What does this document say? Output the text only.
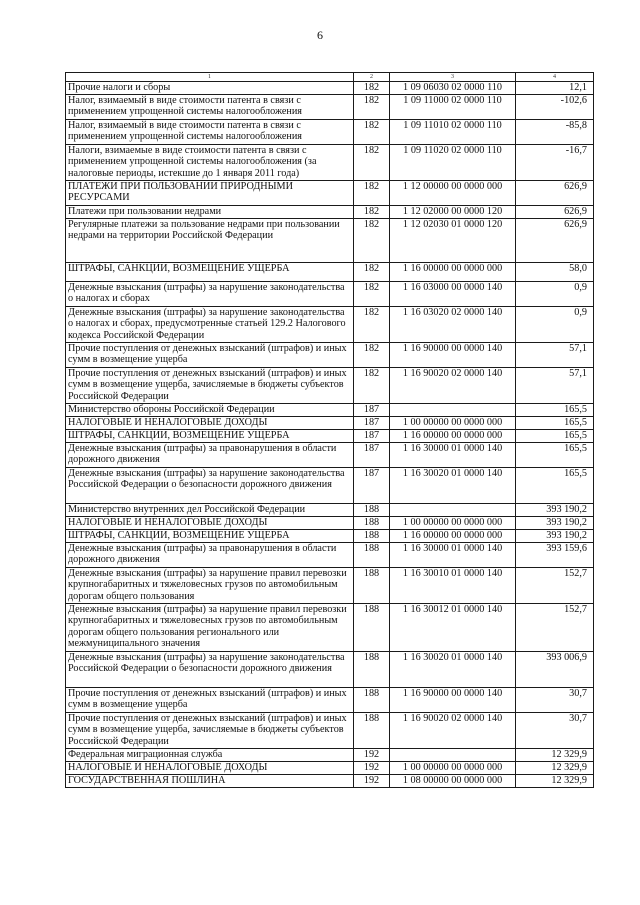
6
1	2	3	4
Прочие налоги и сборы	182	1 09 06030 02 0000 110	12,1
Налог, взимаемый в виде стоимости патента в связи с применением упрощенной системы налогообложения	182	1 09 11000 02 0000 110	-102,6
Налог, взимаемый в виде стоимости патента в связи с применением упрощенной системы налогообложения	182	1 09 11010 02 0000 110	-85,8
Налоги, взимаемые в виде стоимости патента в связи с применением упрощенной системы налогообложения (за налоговые периоды, истекшие до 1 января 2011 года)	182	1 09 11020 02 0000 110	-16,7
ПЛАТЕЖИ ПРИ ПОЛЬЗОВАНИИ ПРИРОДНЫМИ РЕСУРСАМИ	182	1 12 00000 00 0000 000	626,9
Платежи при пользовании недрами	182	1 12 02000 00 0000 120	626,9
Регулярные платежи за пользование недрами при пользовании недрами на территории Российской Федерации	182	1 12 02030 01 0000 120	626,9
ШТРАФЫ, САНКЦИИ, ВОЗМЕЩЕНИЕ УЩЕРБА	182	1 16 00000 00 0000 000	58,0
Денежные взыскания (штрафы) за нарушение законодательства о налогах и сборах	182	1 16 03000 00 0000 140	0,9
Денежные взыскания (штрафы) за нарушение законодательства о налогах и сборах, предусмотренные статьей 129.2 Налогового кодекса Российской Федерации	182	1 16 03020 02 0000 140	0,9
Прочие поступления от денежных взысканий (штрафов) и иных сумм в возмещение ущерба	182	1 16 90000 00 0000 140	57,1
Прочие поступления от денежных взысканий (штрафов) и иных сумм в возмещение ущерба, зачисляемые в бюджеты субъектов Российской Федерации	182	1 16 90020 02 0000 140	57,1
Министерство обороны Российской Федерации	187		165,5
НАЛОГОВЫЕ И НЕНАЛОГОВЫЕ ДОХОДЫ	187	1 00 00000 00 0000 000	165,5
ШТРАФЫ, САНКЦИИ, ВОЗМЕЩЕНИЕ УЩЕРБА	187	1 16 00000 00 0000 000	165,5
Денежные взыскания (штрафы) за правонарушения в области дорожного движения	187	1 16 30000 01 0000 140	165,5
Денежные взыскания (штрафы) за нарушение законодательства Российской Федерации о безопасности дорожного движения	187	1 16 30020 01 0000 140	165,5
Министерство внутренних дел Российской Федерации	188		393 190,2
НАЛОГОВЫЕ И НЕНАЛОГОВЫЕ ДОХОДЫ	188	1 00 00000 00 0000 000	393 190,2
ШТРАФЫ, САНКЦИИ, ВОЗМЕЩЕНИЕ УЩЕРБА	188	1 16 00000 00 0000 000	393 190,2
Денежные взыскания (штрафы) за правонарушения в области дорожного движения	188	1 16 30000 01 0000 140	393 159,6
Денежные взыскания (штрафы) за нарушение правил перевозки крупногабаритных и тяжеловесных грузов по автомобильным дорогам общего пользования	188	1 16 30010 01 0000 140	152,7
Денежные взыскания (штрафы) за нарушение правил перевозки крупногабаритных и тяжеловесных грузов по автомобильным дорогам общего пользования регионального или межмуниципального значения	188	1 16 30012 01 0000 140	152,7
Денежные взыскания (штрафы) за нарушение законодательства Российской Федерации о безопасности дорожного движения	188	1 16 30020 01 0000 140	393 006,9
Прочие поступления от денежных взысканий (штрафов) и иных сумм в возмещение ущерба	188	1 16 90000 00 0000 140	30,7
Прочие поступления от денежных взысканий (штрафов) и иных сумм в возмещение ущерба, зачисляемые в бюджеты субъектов Российской Федерации	188	1 16 90020 02 0000 140	30,7
Федеральная миграционная служба	192		12 329,9
НАЛОГОВЫЕ И НЕНАЛОГОВЫЕ ДОХОДЫ	192	1 00 00000 00 0000 000	12 329,9
ГОСУДАРСТВЕННАЯ ПОШЛИНА	192	1 08 00000 00 0000 000	12 329,9
